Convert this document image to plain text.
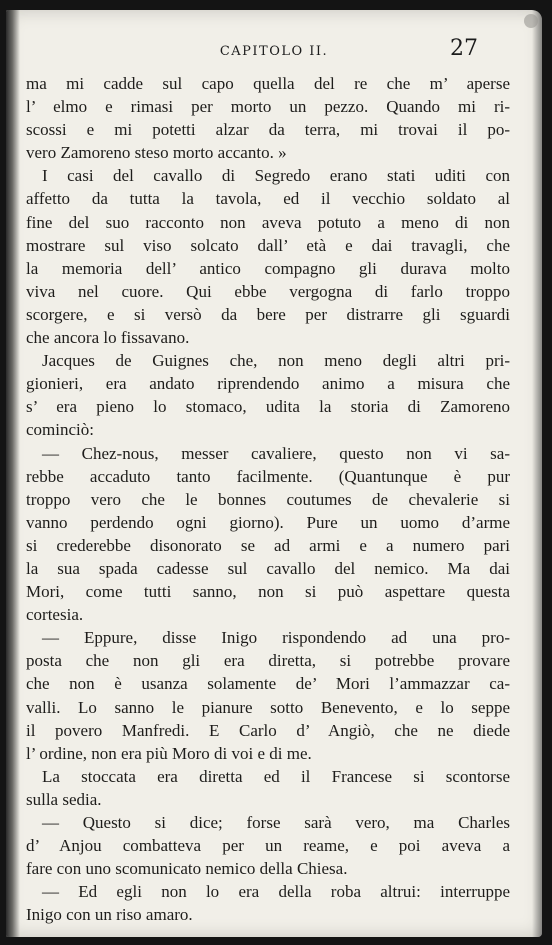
CAPITOLO II.	27
ma mi cadde sul capo quella del re che m’ aperse
l’ elmo e rimasi per morto un pezzo. Quando mi ri-
scossi e mi potetti alzar da terra, mi trovai il po-
vero Zamoreno steso morto accanto. »
I casi del cavallo di Segredo erano stati uditi con
affetto da tutta la tavola, ed il vecchio soldato al
fine del suo racconto non aveva potuto a meno di non
mostrare sul viso solcato dall’ età e dai travagli, che
la memoria dell’ antico compagno gli durava molto
viva nel cuore. Qui ebbe vergogna di farlo troppo
scorgere, e si versò da bere per distrarre gli sguardi
che ancora lo fissavano.
Jacques de Guignes che, non meno degli altri pri-
gionieri, era andato riprendendo animo a misura che
s’ era pieno lo stomaco, udita la storia di Zamoreno
cominciò:
— Chez-nous, messer cavaliere, questo non vi sa-
rebbe accaduto tanto facilmente. (Quantunque è pur
troppo vero che le bonnes coutumes de chevalerie si
vanno perdendo ogni giorno). Pure un uomo d’arme
si crederebbe disonorato se ad armi e a numero pari
la sua spada cadesse sul cavallo del nemico. Ma dai
Mori, come tutti sanno, non si può aspettare questa
cortesia.
— Eppure, disse Inigo rispondendo ad una pro-
posta che non gli era diretta, si potrebbe provare
che non è usanza solamente de’ Mori l’ammazzar ca-
valli. Lo sanno le pianure sotto Benevento, e lo seppe
il povero Manfredi. E Carlo d’ Angiò, che ne diede
l’ ordine, non era più Moro di voi e di me.
La stoccata era diretta ed il Francese si scontorse
sulla sedia.
— Questo si dice; forse sarà vero, ma Charles
d’ Anjou combatteva per un reame, e poi aveva a
fare con uno scomunicato nemico della Chiesa.
— Ed egli non lo era della roba altrui: interruppe
Inigo con un riso amaro.
